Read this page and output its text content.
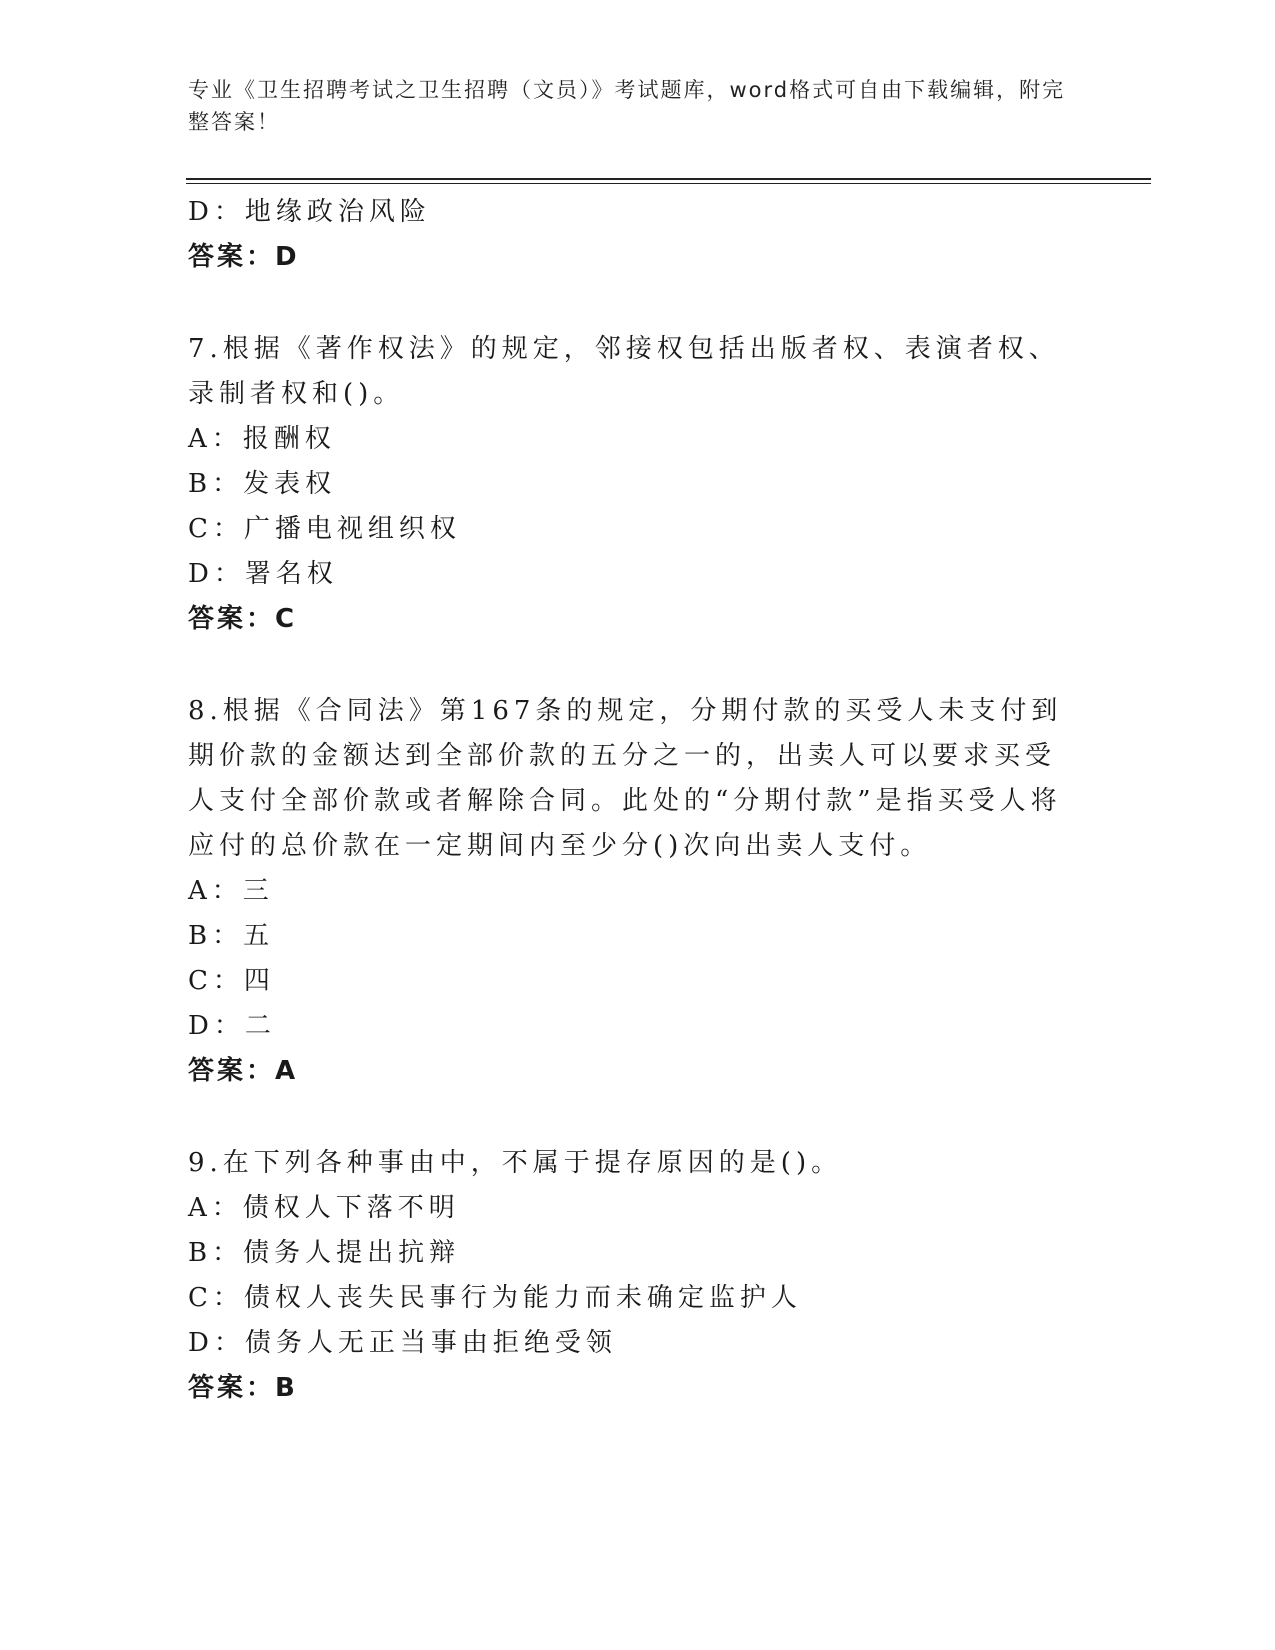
专业《卫生招聘考试之卫生招聘（文员）》考试题库，word格式可自由下载编辑，附完整答案！
D：地缘政治风险
答案：D
7.根据《著作权法》的规定，邻接权包括出版者权、表演者权、录制者权和()。
A：报酬权
B：发表权
C：广播电视组织权
D：署名权
答案：C
8.根据《合同法》第167条的规定，分期付款的买受人未支付到期价款的金额达到全部价款的五分之一的，出卖人可以要求买受人支付全部价款或者解除合同。此处的“分期付款”是指买受人将应付的总价款在一定期间内至少分()次向出卖人支付。
A：三
B：五
C：四
D：二
答案：A
9.在下列各种事由中，不属于提存原因的是()。
A：债权人下落不明
B：债务人提出抗辩
C：债权人丧失民事行为能力而未确定监护人
D：债务人无正当事由拒绝受领
答案：B
